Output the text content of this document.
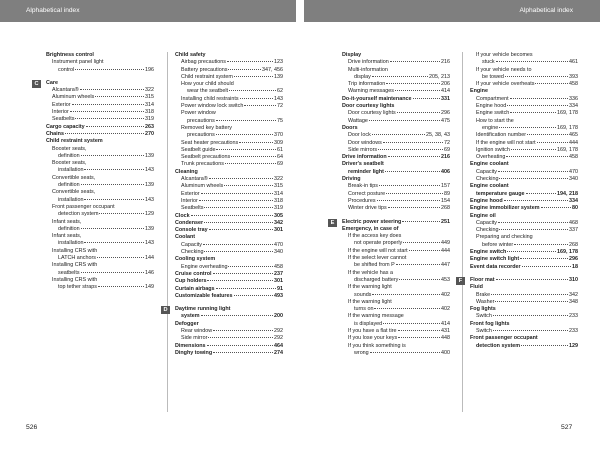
Alphabetical index	Alphabetical index
Brightness control
Instrument panel light
control	196
C	Care
Alcantara®	322
Aluminum wheels	315
Exterior	314
Interior	318
Seatbelts	319
Cargo capacity	263
Chains	270
Child restraint system
Booster seats,
definition	139
Booster seats,
installation	143
Convertible seats,
definition	139
Convertible seats,
installation	143
Front passenger occupant
detection system	129
Infant seats,
definition	139
Infant seats,
installation	143
Installing CRS with
LATCH anchors	144
Installing CRS with
seatbelts	146
Installing CRS with
top tether straps	149
Child safety
Airbag precautions	123
Battery precautions	347, 456
Child restraint system	139
How your child should
wear the seatbelt	62
Installing child restraints	143
Power window lock switch	72
Power window
precautions	75
Removed key battery
precautions	370
Seat heater precautions	309
Seatbelt guide	61
Seatbelt precautions	64
Trunk precautions	69
Cleaning
Alcantara®	322
Aluminum wheels	315
Exterior	314
Interior	318
Seatbelts	319
Clock	305
Condenser	342
Console tray	301
Coolant
Capacity	470
Checking	340
Cooling system
Engine overheating	458
Cruise control	237
Cup holders	301
Curtain airbags	91
Customizable features	493
D	Daytime running light
system	200
Defogger
Rear window	292
Side mirror	292
Dimensions	464
Dinghy towing	274
Display
Drive information	216
Multi-information
display	205, 213
Trip information	206
Warning messages	414
Do-it-yourself maintenance	331
Door courtesy lights
Door courtesy lights	296
Wattage	475
Doors
Door lock	25, 38, 43
Door windows	72
Side mirrors	69
Drive information	216
Driver's seatbelt
reminder light	406
Driving
Break-in tips	157
Correct posture	89
Procedures	154
Winter drive tips	268
E	Electric power steering	251
Emergency, in case of
If the access key does
not operate properly	449
If the engine will not start	444
If the select lever cannot
be shifted from P	447
If the vehicle has a
discharged battery	453
If the warning light
sounds	402
If the warning light
turns on	402
If the warning message
is displayed	414
If you have a flat tire	431
If you lose your keys	448
If you think something is
wrong	400
If your vehicle becomes
stuck	461
If your vehicle needs to
be towed	393
If your vehicle overheats	458
Engine
Compartment	336
Engine hood	334
Engine switch	169, 178
How to start the
engine	169, 178
Identification number	465
If the engine will not start	444
Ignition switch	169, 178
Overheating	458
Engine coolant
Capacity	470
Checking	340
Engine coolant
temperature gauge	194, 218
Engine hood	334
Engine immobilizer system	80
Engine oil
Capacity	468
Checking	337
Preparing and checking
before winter	268
Engine switch	169, 178
Engine switch light	296
Event data recorder	18
F	Floor mat	310
Fluid
Brake	342
Washer	348
Fog lights
Switch	233
Front fog lights
Switch	233
Front passenger occupant
detection system	129
526	527
